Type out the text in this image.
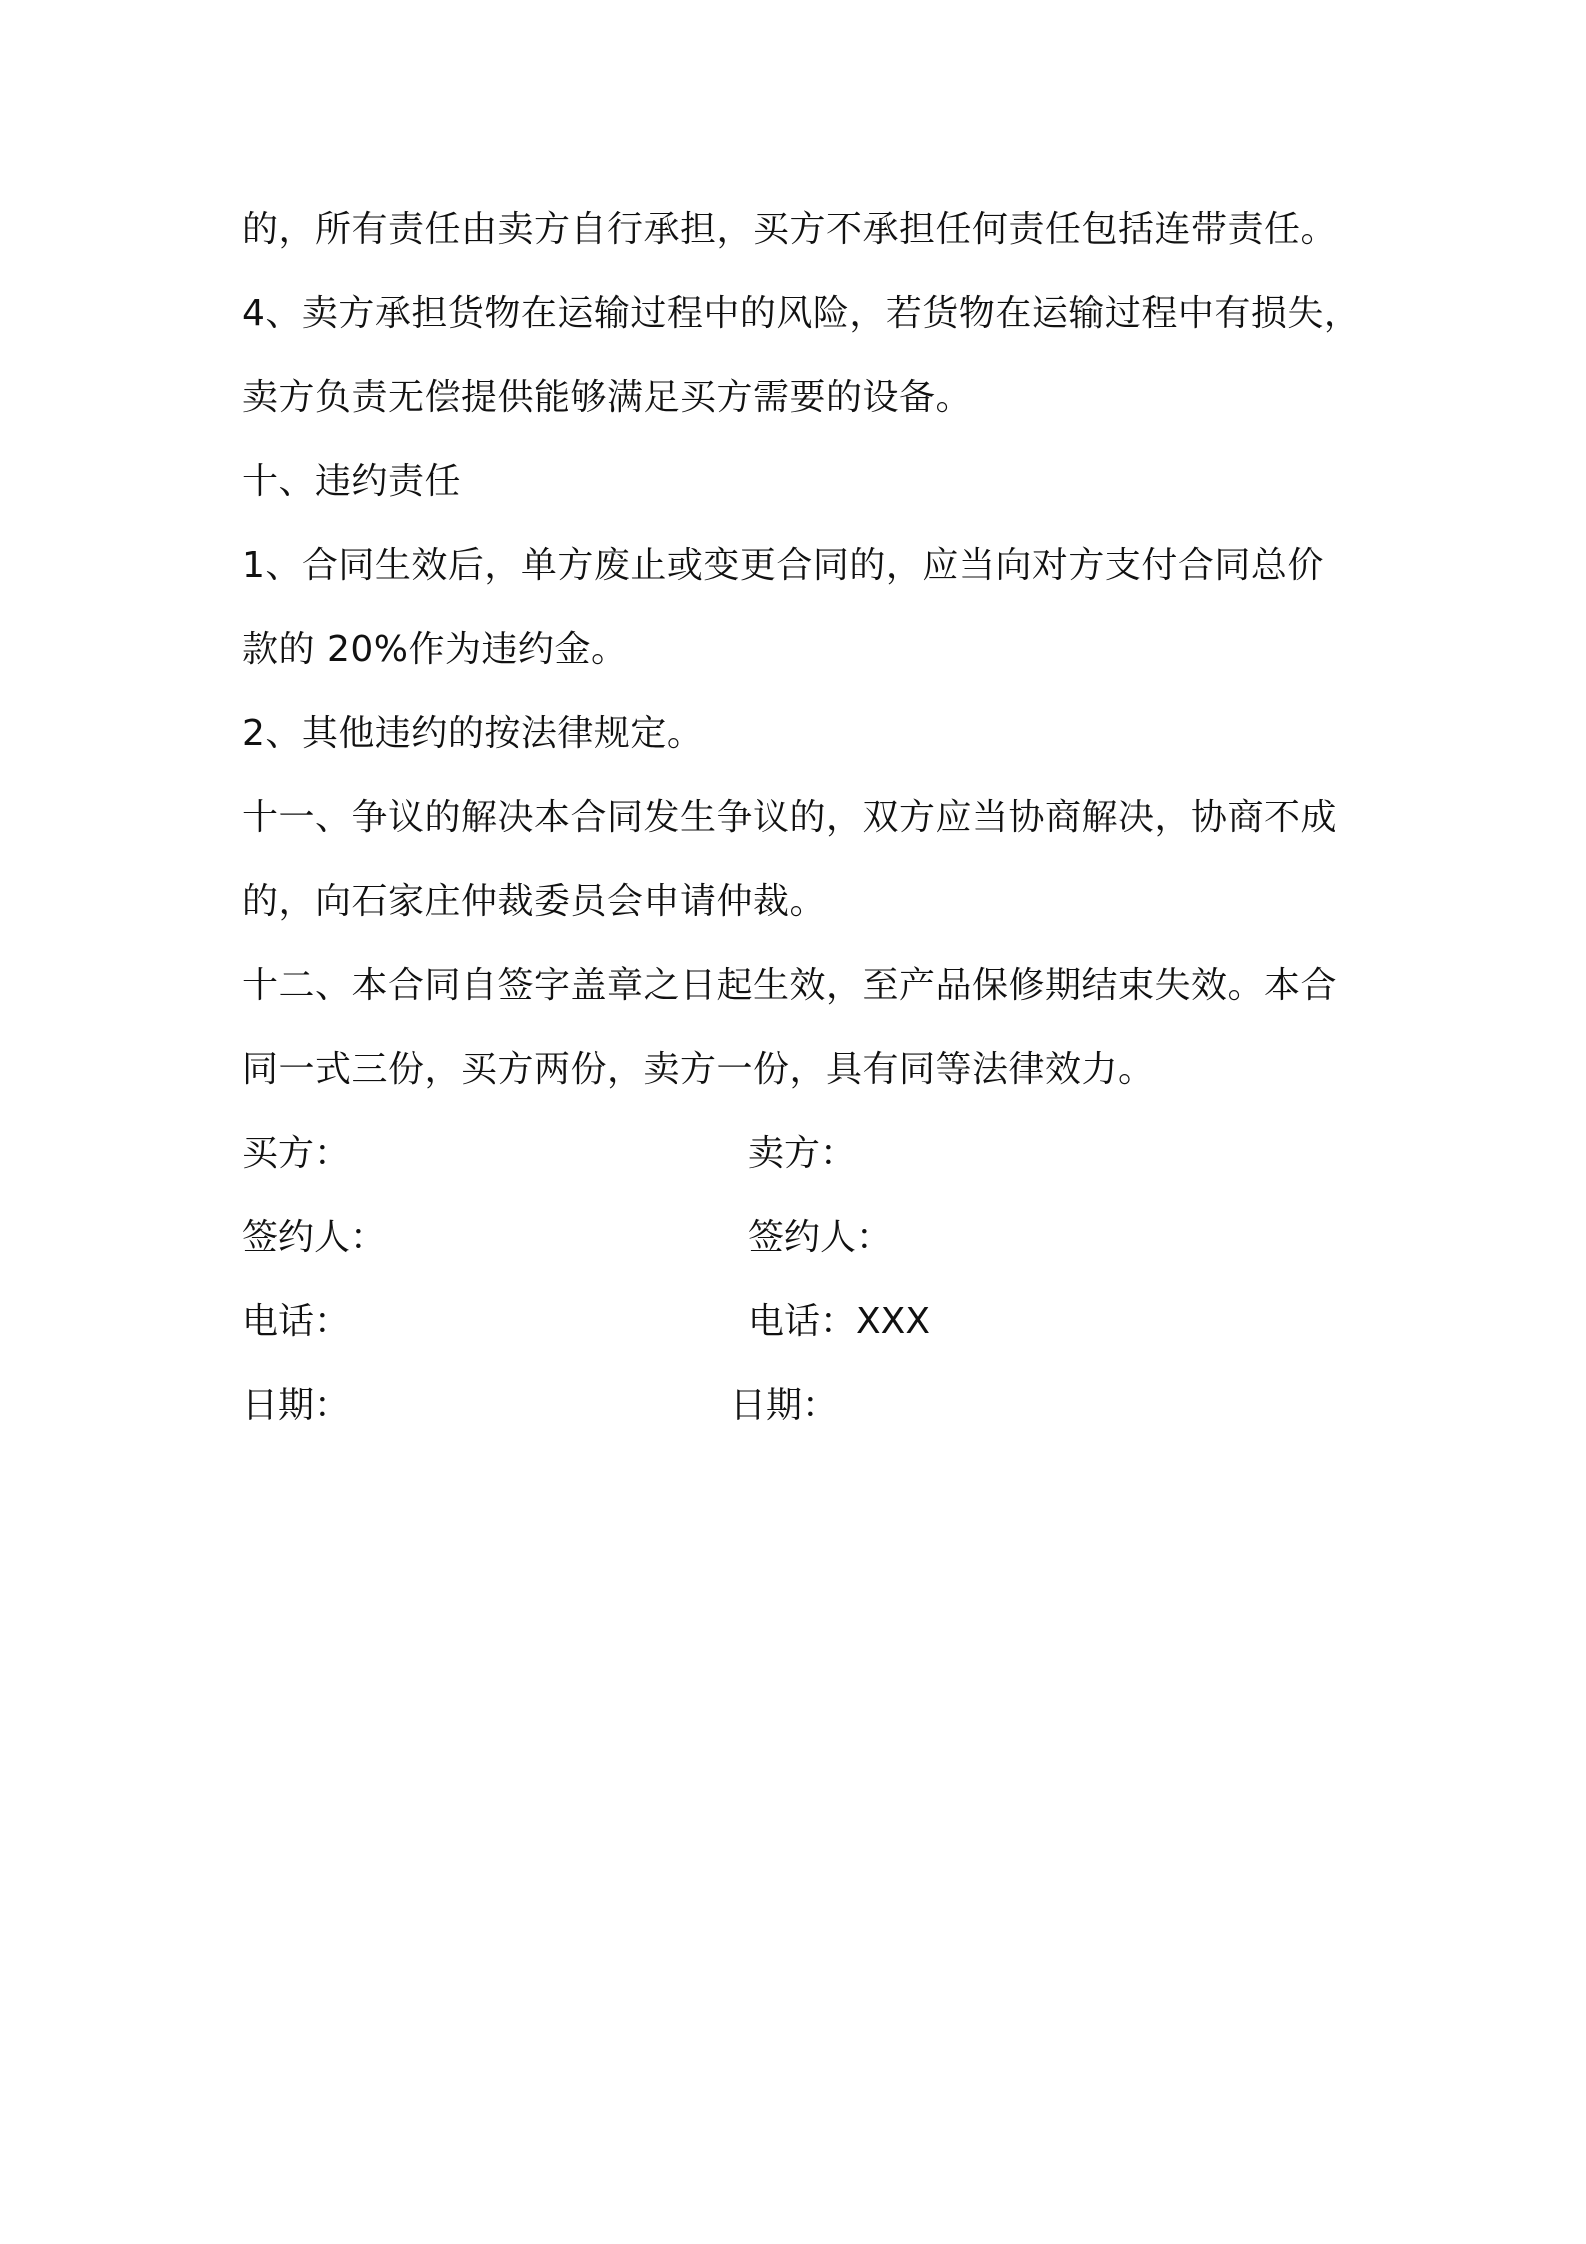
的，所有责任由卖方自行承担，买方不承担任何责任包括连带责任。
4、卖方承担货物在运输过程中的风险，若货物在运输过程中有损失，
卖方负责无偿提供能够满足买方需要的设备。
十、违约责任
1、合同生效后，单方废止或变更合同的，应当向对方支付合同总价
款的 20%作为违约金。
2、其他违约的按法律规定。
十一、争议的解决本合同发生争议的，双方应当协商解决，协商不成
的，向石家庄仲裁委员会申请仲裁。
十二、本合同自签字盖章之日起生效，至产品保修期结束失效。本合
同一式三份，买方两份，卖方一份，具有同等法律效力。
买方：	卖方：
签约人：	签约人：
电话：	电话：XXX
日期：	日期：
